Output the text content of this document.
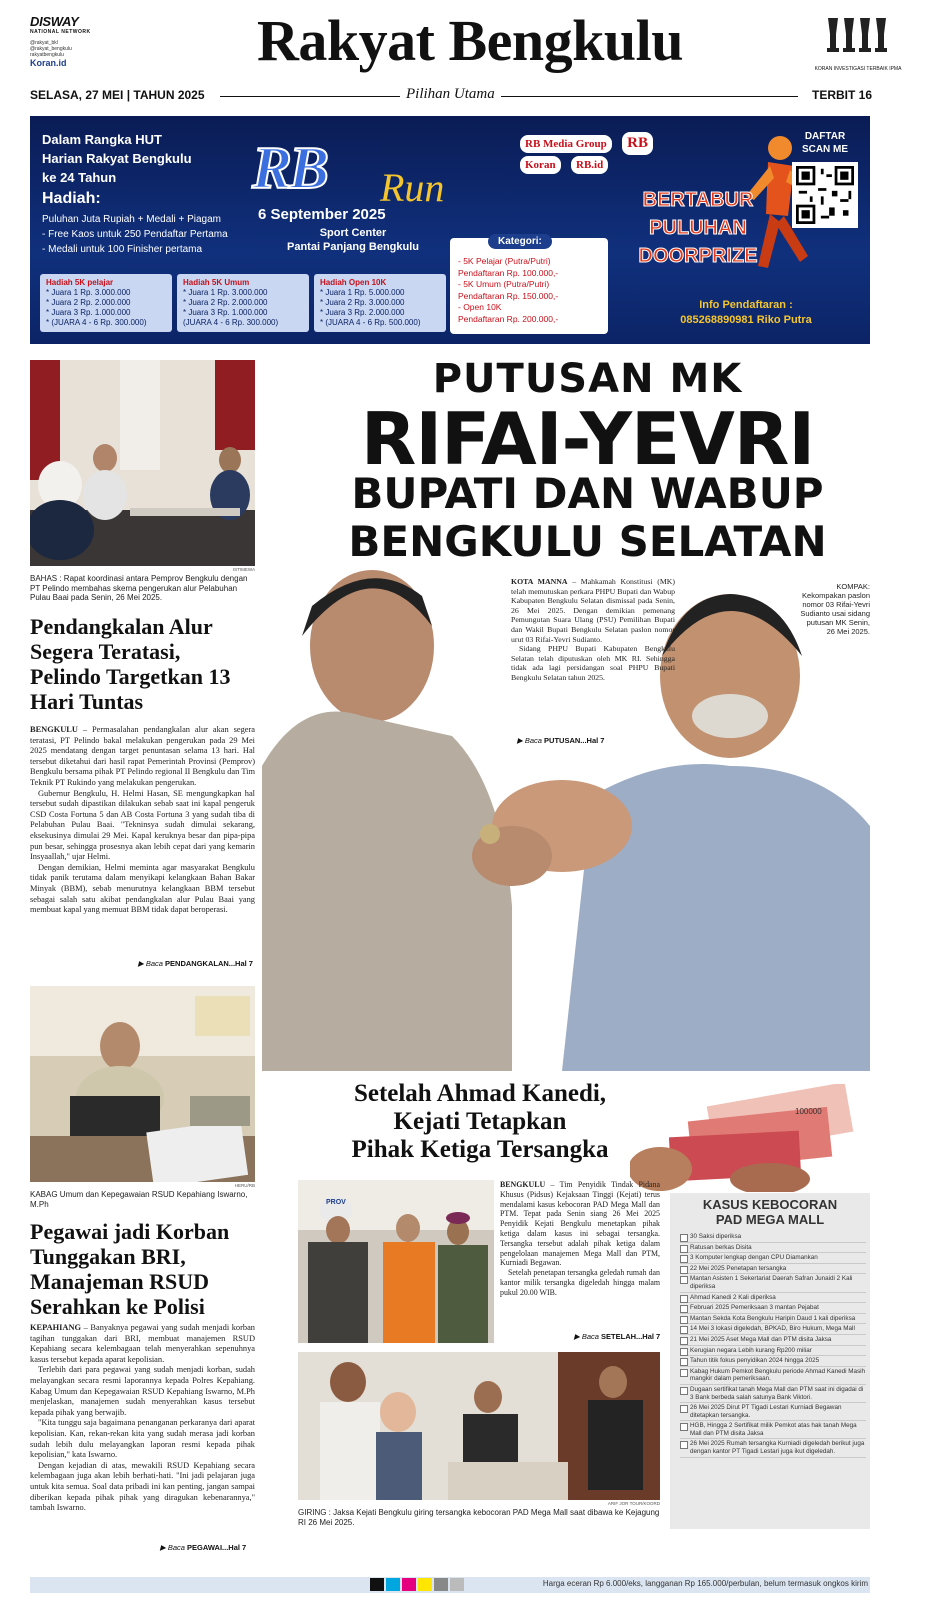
DISWAY
NATIONAL NETWORK
@rakyat_bkl
@rakyat_bengkulu
rakyatbengkulu
Koran.id	Rakyat Bengkulu	KORAN INVESTIGASI TERBAIK IPMA
SELASA, 27 MEI | TAHUN 2025	Pilihan Utama	TERBIT 16
Dalam Rangka HUT
Harian Rakyat Bengkulu
ke 24 Tahun
Hadiah:
Puluhan Juta Rupiah + Medali + Piagam
- Free Kaos untuk 250 Pendaftar Pertama
- Medali untuk 100 Finisher pertama
RB Run
6 September 2025
Sport Center
Pantai Panjang Bengkulu
RB Media Group RB Koran RB.id
Hadiah 5K pelajar
* Juara 1 Rp. 3.000.000
* Juara 2 Rp. 2.000.000
* Juara 3 Rp. 1.000.000
* (JUARA 4 - 6 Rp. 300.000)
Hadiah 5K Umum
* Juara 1 Rp. 3.000.000
* Juara 2 Rp. 2.000.000
* Juara 3 Rp. 1.000.000
(JUARA 4 - 6 Rp. 300.000)
Hadiah Open 10K
* Juara 1 Rp. 5.000.000
* Juara 2 Rp. 3.000.000
* Juara 3 Rp. 2.000.000
* (JUARA 4 - 6 Rp. 500.000)
- 5K Pelajar (Putra/Putri)
Pendaftaran Rp. 100.000,-
- 5K Umum (Putra/Putri)
Pendaftaran Rp. 150.000,-
- Open 10K
Pendaftaran Rp. 200.000,-
Kategori:
BERTABUR
PULUHAN
DOORPRIZE
DAFTAR
SCAN ME
Info Pendaftaran :
085268890981 Riko Putra
ISTIMEWA
BAHAS : Rapat koordinasi antara Pemprov Bengkulu dengan PT Pelindo membahas skema pengerukan alur Pelabuhan Pulau Baai pada Senin, 26 Mei 2025.
Pendangkalan Alur Segera Teratasi, Pelindo Targetkan 13 Hari Tuntas

BENGKULU – Permasalahan pendangkalan alur akan segera teratasi, PT Pelindo bakal melakukan pengerukan pada 29 Mei 2025 mendatang dengan target penuntasan selama 13 hari. Hal tersebut diketahui dari hasil rapat Pemerintah Provinsi (Pemprov) Bengkulu bersama pihak PT Pelindo regional II Bengkulu dan Tim Teknik PT Rukindo yang melakukan pengerukan.

Gubernur Bengkulu, H. Helmi Hasan, SE mengungkapkan hal tersebut sudah dipastikan dilakukan sebab saat ini kapal pengeruk CSD Costa Fortuna 5 dan AB Costa Fortuna 3 yang sudah tiba di Pelabuhan Pulau Baai. "Tekninsya sudah dimulai sekarang, eksekusinya dimulai 29 Mei. Kapal keruknya besar dan pipa-pipa pun besar, sehingga prosesnya akan lebih cepat dari yang kemarin Insyaallah," ujar Helmi.

Dengan demikian, Helmi meminta agar masyarakat Bengkulu tidak panik terutama dalam menyikapi kelangkaan Bahan Bakar Minyak (BBM), sebab menurutnya kelangkaan BBM tersebut sebagai salah satu akibat pendangkalan alur Pulau Baai yang membuat kapal yang memuat BBM tidak dapat beroperasi.

▶ Baca PENDANGKALAN...Hal 7
HERU/RB
KABAG Umum dan Kepegawaian RSUD Kepahiang Iswarno, M.Ph
Pegawai jadi Korban Tunggakan BRI, Manajeman RSUD Serahkan ke Polisi

KEPAHIANG – Banyaknya pegawai yang sudah menjadi korban tagihan tunggakan dari BRI, membuat manajemen RSUD Kepahiang secara kelembagaan telah menyerahkan sepenuhnya kasus tersebut kepada aparat kepolisian.

Terlebih dari para pegawai yang sudah menjadi korban, sudah melayangkan secara resmi laporannya kepada Polres Kepahiang. Kabag Umum dan Kepegawaian RSUD Kepahiang Iswarno, M.Ph menjelaskan, manajemen sudah menyerahkan kasus tersebut kepada pihak yang berwajib.

"Kita tunggu saja bagaimana penanganan perkaranya dari aparat kepolisian. Kan, rekan-rekan kita yang sudah merasa jadi korban sudah lebih dulu melayangkan laporan resmi kepada pihak kepolisian," kata Iswarno.

Dengan kejadian di atas, mewakili RSUD Kepahiang secara kelembagaan juga akan lebih berhati-hati. "Ini jadi pelajaran juga untuk kita semua. Soal data pribadi ini kan penting, jangan sampai diberikan kepada pihak pihak yang diragukan kebenarannya," tambah Iswarno.

▶ Baca PEGAWAI...Hal 7
PUTUSAN MK
RIFAI-YEVRI
BUPATI DAN WABUP
BENGKULU SELATAN

KOTA MANNA – Mahkamah Konstitusi (MK) telah memutuskan perkara PHPU Bupati dan Wabup Kabupaten Bengkulu Selatan dismissal pada Senin, 26 Mei 2025. Dengan demikian pemenang Pemungutan Suara Ulang (PSU) Pemilihan Bupati dan Wakil Bupati Bengkulu Selatan paslon nomor urut 03 Rifai-Yevri Sudianto.

Sidang PHPU Bupati Kabupaten Bengkulu Selatan telah diputuskan oleh MK RI. Sehingga tidak ada lagi persidangan soal PHPU Bupati Bengkulu Selatan tahun 2025.

▶ Baca PUTUSAN...Hal 7
KOMPAK: Kekompakan paslon nomor 03 Rifai-Yevri Sudianto usai sidang putusan MK Senin, 26 Mei 2025.
Setelah Ahmad Kanedi,
Kejati Tetapkan
Pihak Ketiga Tersangka
100000
PROV

BENGKULU – Tim Penyidik Tindak Pidana Khusus (Pidsus) Kejaksaan Tinggi (Kejati) terus mendalami kasus kebocoran PAD Mega Mall dan PTM. Tepat pada Senin siang 26 Mei 2025 Penyidik Kejati Bengkulu menetapkan pihak ketiga dalam kasus ini sebagai tersangka. Tersangka tersebut adalah pihak ketiga dalam pengelolaan manajemen Mega Mall dan PTM, Kurniadi Begawan.

Setelah penetapan tersangka geledah rumah dan kantor milik tersangka digeledah hingga malam pukul 20.00 WIB.

▶ Baca SETELAH...Hal 7
ARIF JOR TOUR/KOORD
GIRING : Jaksa Kejati Bengkulu giring tersangka kebocoran PAD Mega Mall saat dibawa ke Kejagung RI 26 Mei 2025.
KASUS KEBOCORAN
PAD MEGA MALL
30 Saksi diperiksa
Ratusan berkas Disita
3 Komputer lengkap dengan CPU Diamankan
22 Mei 2025 Penetapan tersangka
Mantan Asisten 1 Sekertariat Daerah Safran Junaidi 2 Kali diperiksa
Ahmad Kanedi 2 Kali diperiksa
Februari 2025 Pemeriksaan 3 mantan Pejabat
Mantan Sekda Kota Bengkulu Haripin Daud 1 kali diperiksa
14 Mei 3 lokasi digeledah, BPKAD, Biro Hukum, Mega Mall
21 Mei 2025 Aset Mega Mall dan PTM disita Jaksa
Kerugian negara Lebih kurang Rp200 miliar
Tahun titik fokus penyidikan 2024 hingga 2025
Kabag Hukum Pemkot Bengkulu periode Ahmad Kanedi Masih mangkir dalam pemeriksaan.
Dugaan sertifikat tanah Mega Mall dan PTM saat ini digadai di 3 Bank berbeda salah satunya Bank Viktori.
26 Mei 2025 Dirut PT Tigadi Lestari Kurniadi Begawan ditetapkan tersangka.
HGB, Hingga 2 Sertifikat milik Pemkot atas hak tanah Mega Mall dan PTM disita Jaksa
26 Mei 2025 Rumah tersangka Kurniadi digeledah berikut juga dengan kantor PT Tigadi Lestari juga ikut digeledah.
Harga eceran Rp 6.000/eks, langganan Rp 165.000/perbulan, belum termasuk ongkos kirim
